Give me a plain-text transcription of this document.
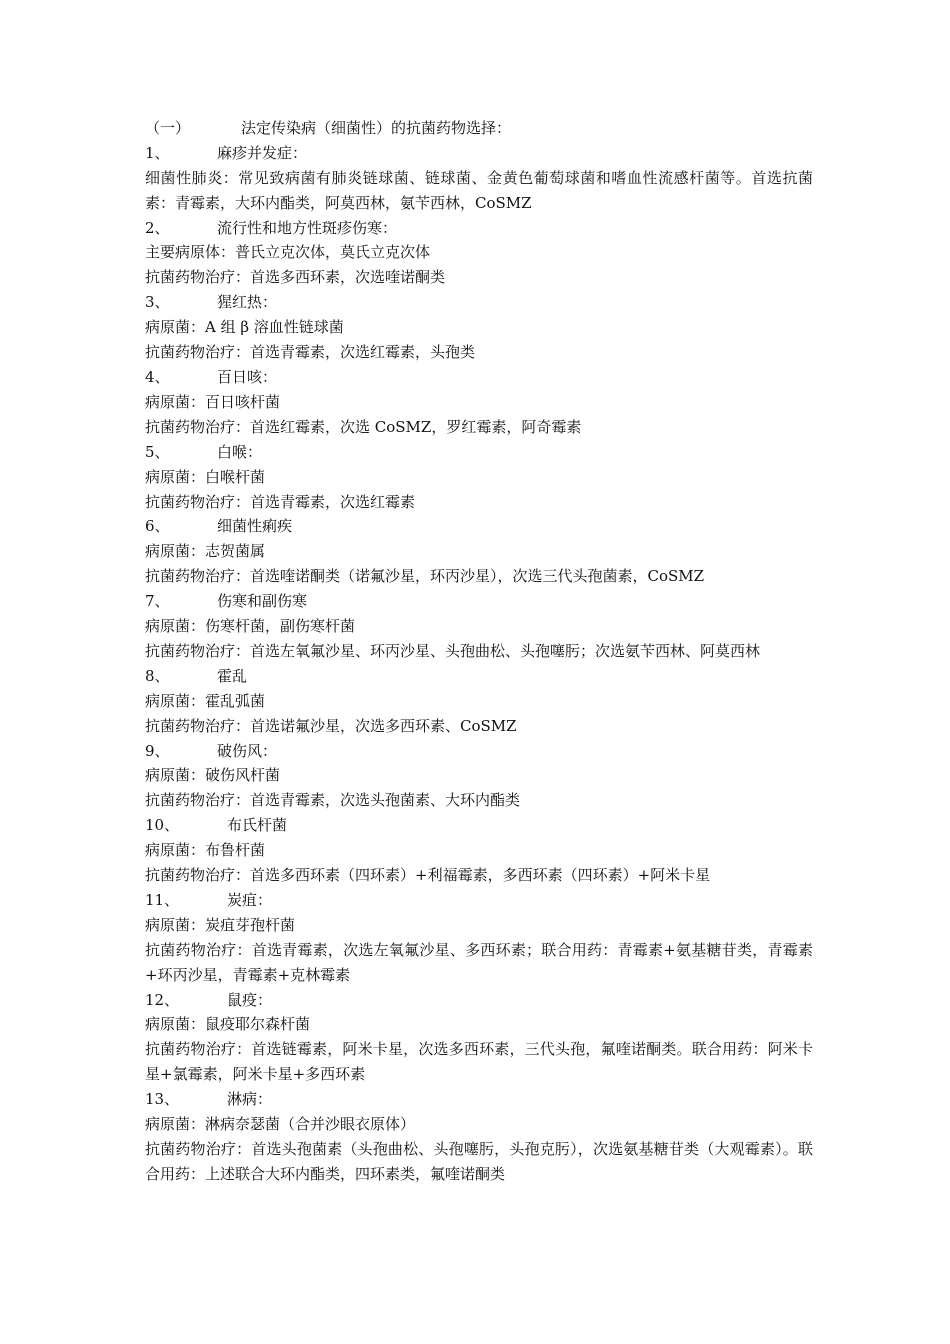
（一）	法定传染病（细菌性）的抗菌药物选择：
1、	麻疹并发症：
细菌性肺炎：常见致病菌有肺炎链球菌、链球菌、金黄色葡萄球菌和嗜血性流感杆菌等。首选抗菌素：青霉素，大环内酯类，阿莫西林，氨苄西林，CoSMZ
2、	流行性和地方性斑疹伤寒：
主要病原体：普氏立克次体，莫氏立克次体
抗菌药物治疗：首选多西环素，次选喹诺酮类
3、	猩红热：
病原菌：A 组 β 溶血性链球菌
抗菌药物治疗：首选青霉素，次选红霉素，头孢类
4、	百日咳：
病原菌：百日咳杆菌
抗菌药物治疗：首选红霉素，次选 CoSMZ，罗红霉素，阿奇霉素
5、	白喉：
病原菌：白喉杆菌
抗菌药物治疗：首选青霉素，次选红霉素
6、	细菌性痢疾
病原菌：志贺菌属
抗菌药物治疗：首选喹诺酮类（诺氟沙星，环丙沙星），次选三代头孢菌素，CoSMZ
7、	伤寒和副伤寒
病原菌：伤寒杆菌，副伤寒杆菌
抗菌药物治疗：首选左氧氟沙星、环丙沙星、头孢曲松、头孢噻肟；次选氨苄西林、阿莫西林
8、	霍乱
病原菌：霍乱弧菌
抗菌药物治疗：首选诺氟沙星，次选多西环素、CoSMZ
9、	破伤风：
病原菌：破伤风杆菌
抗菌药物治疗：首选青霉素，次选头孢菌素、大环内酯类
10、	布氏杆菌
病原菌：布鲁杆菌
抗菌药物治疗：首选多西环素（四环素）+利福霉素，多西环素（四环素）+阿米卡星
11、	炭疽：
病原菌：炭疽芽孢杆菌
抗菌药物治疗：首选青霉素，次选左氧氟沙星、多西环素；联合用药：青霉素+氨基糖苷类，青霉素+环丙沙星，青霉素+克林霉素
12、	鼠疫：
病原菌：鼠疫耶尔森杆菌
抗菌药物治疗：首选链霉素，阿米卡星，次选多西环素，三代头孢，氟喹诺酮类。联合用药：阿米卡星+氯霉素，阿米卡星+多西环素
13、	淋病：
病原菌：淋病奈瑟菌（合并沙眼衣原体）
抗菌药物治疗：首选头孢菌素（头孢曲松、头孢噻肟，头孢克肟），次选氨基糖苷类（大观霉素）。联合用药：上述联合大环内酯类，四环素类，氟喹诺酮类
